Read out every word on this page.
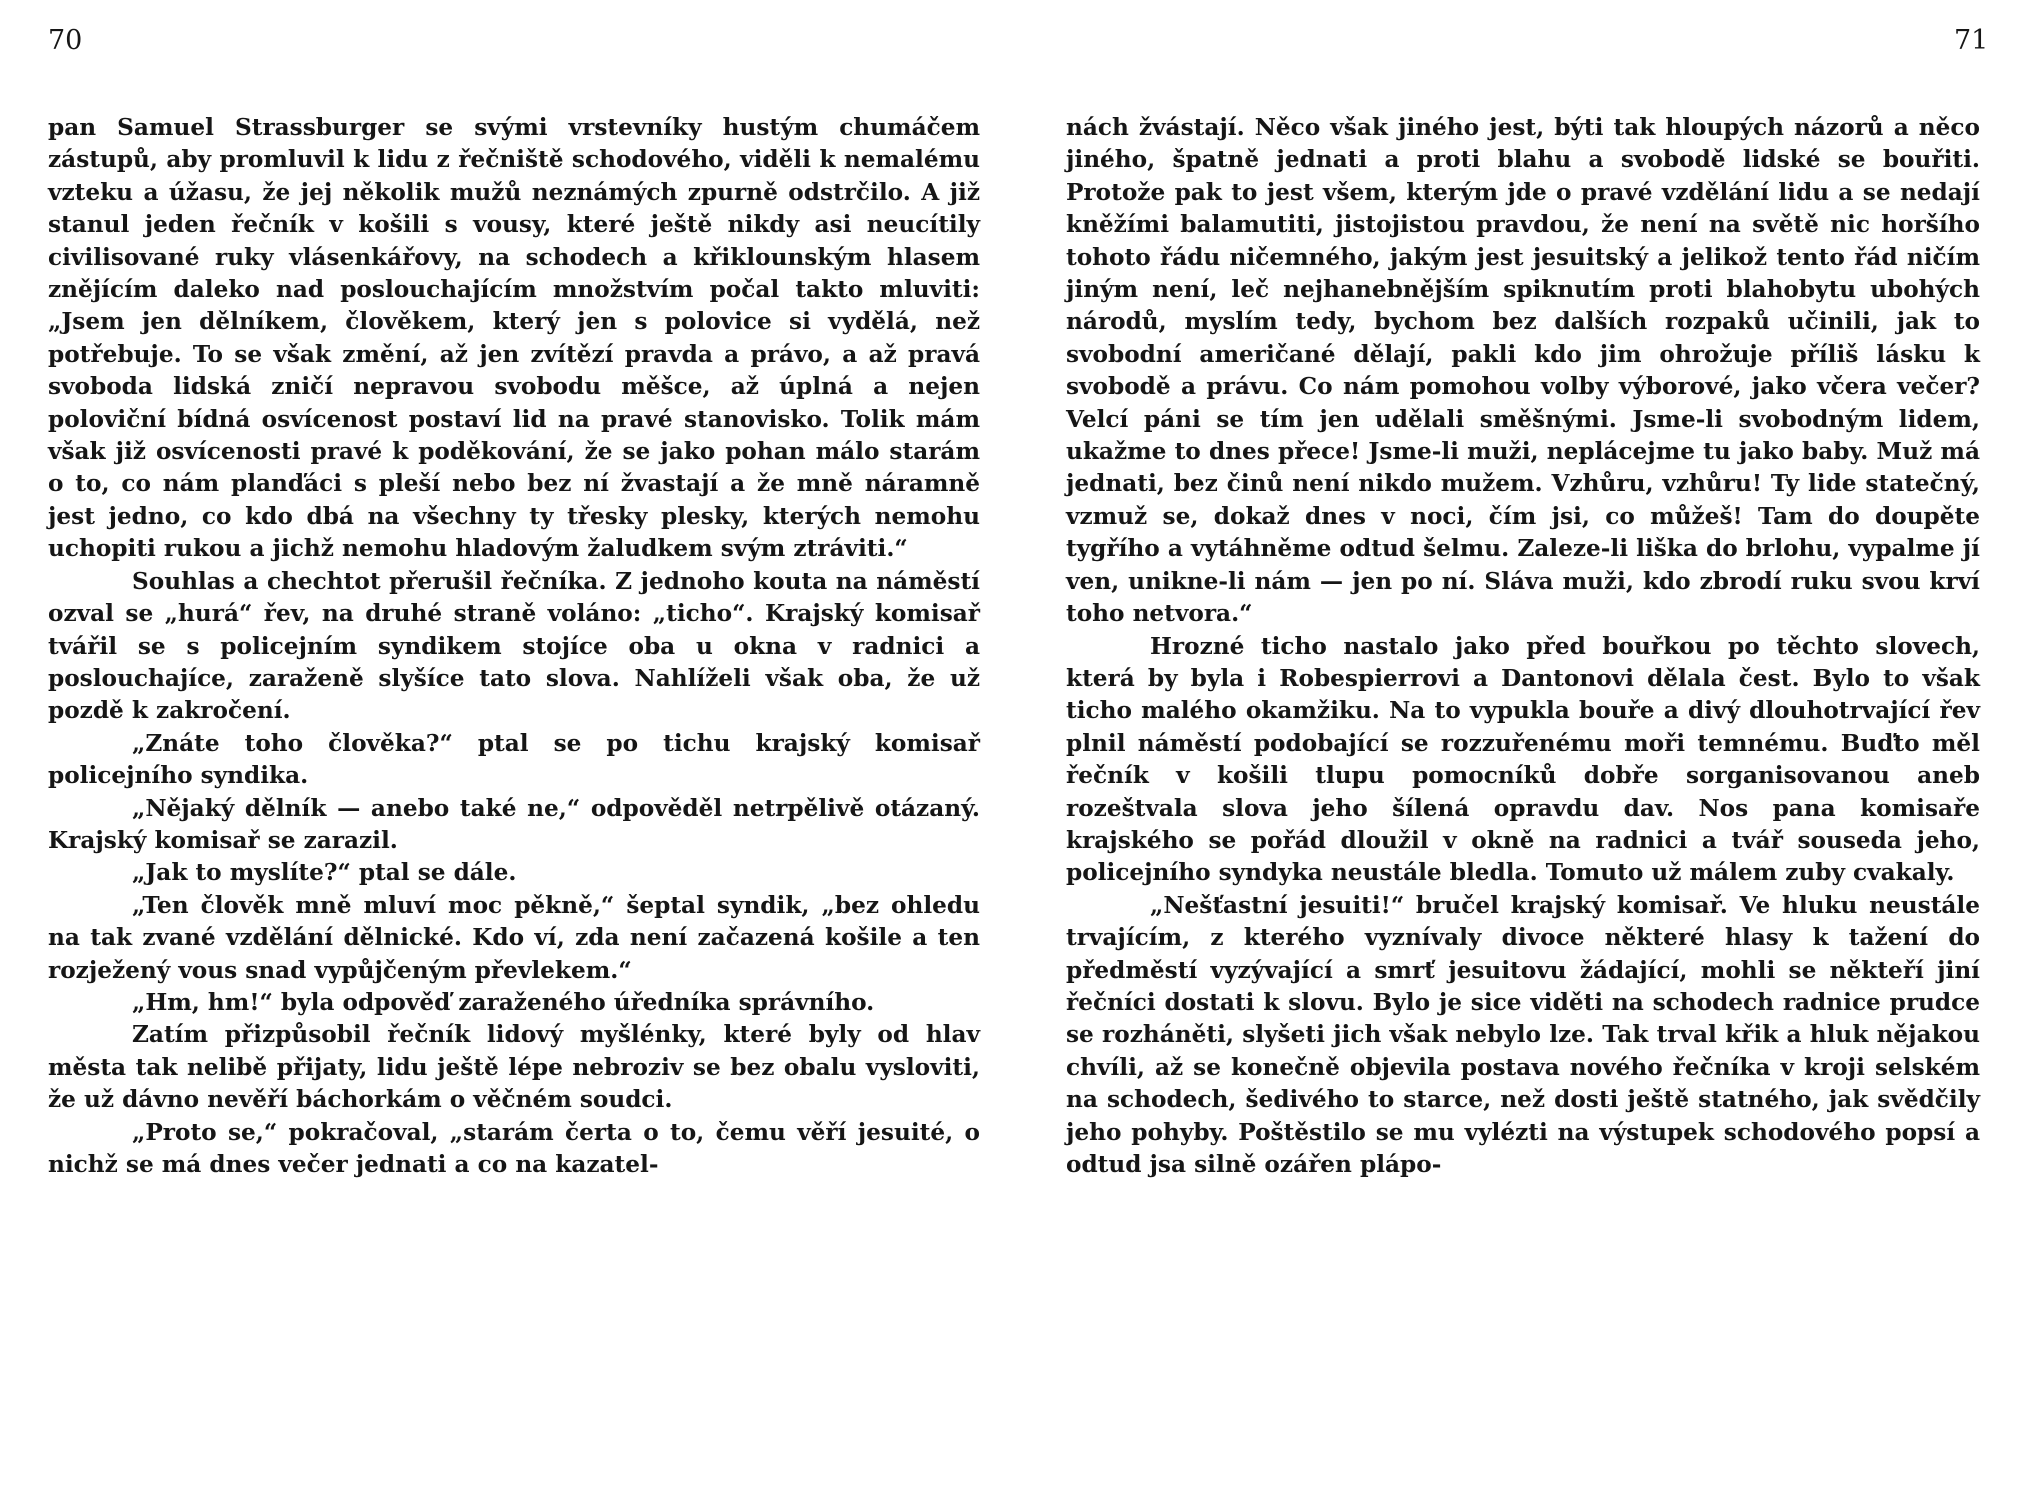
70	71

pan Samuel Strassburger se svými vrstevníky hustým chumáčem zástupů, aby promluvil k lidu z řečniště schodového, viděli k nemalému vzteku a úžasu, že jej několik mužů neznámých zpurně odstrčilo. A již stanul jeden řečník v košili s vousy, které ještě nikdy asi neucítily civilisované ruky vlásenkářovy, na schodech a křiklounským hlasem znějícím daleko nad poslouchajícím množstvím počal takto mluviti: „Jsem jen dělníkem, člověkem, který jen s polovice si vydělá, než potřebuje. To se však změní, až jen zvítězí pravda a právo, a až pravá svoboda lidská zničí nepravou svobodu měšce, až úplná a nejen poloviční bídná osvícenost postaví lid na pravé stanovisko. Tolik mám však již osvícenosti pravé k poděkování, že se jako pohan málo starám o to, co nám planďáci s pleší nebo bez ní žvastají a že mně náramně jest jedno, co kdo dbá na všechny ty třesky plesky, kterých nemohu uchopiti rukou a jichž nemohu hladovým žaludkem svým ztráviti.“

Souhlas a chechtot přerušil řečníka. Z jednoho kouta na náměstí ozval se „hurá“ řev, na druhé straně voláno: „ticho“. Krajský komisař tvářil se s policejním syndikem stojíce oba u okna v radnici a poslouchajíce, zaraženě slyšíce tato slova. Nahlíželi však oba, že už pozdě k zakročení.

„Znáte toho člověka?“ ptal se po tichu krajský komisař policejního syndika.

„Nějaký dělník — anebo také ne,“ odpověděl netrpělivě otázaný. Krajský komisař se zarazil.

„Jak to myslíte?“ ptal se dále.

„Ten člověk mně mluví moc pěkně,“ šeptal syndik, „bez ohledu na tak zvané vzdělání dělnické. Kdo ví, zda není začazená košile a ten rozježený vous snad vypůjčeným převlekem.“

„Hm, hm!“ byla odpověď zaraženého úředníka správního.

Zatím přizpůsobil řečník lidový myšlénky, které byly od hlav města tak nelibě přijaty, lidu ještě lépe nebroziv se bez obalu vysloviti, že už dávno nevěří báchorkám o věčném soudci.

„Proto se,“ pokračoval, „starám čerta o to, čemu věří jesuité, o nichž se má dnes večer jednati a co na kazatel-

nách žvástají. Něco však jiného jest, býti tak hloupých názorů a něco jiného, špatně jednati a proti blahu a svobodě lidské se bouřiti. Protože pak to jest všem, kterým jde o pravé vzdělání lidu a se nedají kněžími balamutiti, jistojistou pravdou, že není na světě nic horšího tohoto řádu ničemného, jakým jest jesuitský a jelikož tento řád ničím jiným není, leč nejhanebnějším spiknutím proti blahobytu ubohých národů, myslím tedy, bychom bez dalších rozpaků učinili, jak to svobodní američané dělají, pakli kdo jim ohrožuje příliš lásku k svobodě a právu. Co nám pomohou volby výborové, jako včera večer? Velcí páni se tím jen udělali směšnými. Jsme-li svobodným lidem, ukažme to dnes přece! Jsme-li muži, neplácejme tu jako baby. Muž má jednati, bez činů není nikdo mužem. Vzhůru, vzhůru! Ty lide statečný, vzmuž se, dokaž dnes v noci, čím jsi, co můžeš! Tam do doupěte tygřího a vytáhněme odtud šelmu. Zaleze-li liška do brlohu, vypalme jí ven, unikne-li nám — jen po ní. Sláva muži, kdo zbrodí ruku svou krví toho netvora.“

Hrozné ticho nastalo jako před bouřkou po těchto slovech, která by byla i Robespierrovi a Dantonovi dělala čest. Bylo to však ticho malého okamžiku. Na to vypukla bouře a divý dlouhotrvající řev plnil náměstí podobající se rozzuřenému moři temnému. Buďto měl řečník v košili tlupu pomocníků dobře sorganisovanou aneb rozeštvala slova jeho šílená opravdu dav. Nos pana komisaře krajského se pořád dloužil v okně na radnici a tvář souseda jeho, policejního syndyka neustále bledla. Tomuto už málem zuby cvakaly.

„Nešťastní jesuiti!“ bručel krajský komisař. Ve hluku neustále trvajícím, z kterého vyznívaly divoce některé hlasy k tažení do předměstí vyzývající a smrť jesuitovu žádající, mohli se někteří jiní řečníci dostati k slovu. Bylo je sice viděti na schodech radnice prudce se rozháněti, slyšeti jich však nebylo lze. Tak trval křik a hluk nějakou chvíli, až se konečně objevila postava nového řečníka v kroji selském na schodech, šedivého to starce, než dosti ještě statného, jak svědčily jeho pohyby. Poštěstilo se mu vylézti na výstupek schodového popsí a odtud jsa silně ozářen plápo-
